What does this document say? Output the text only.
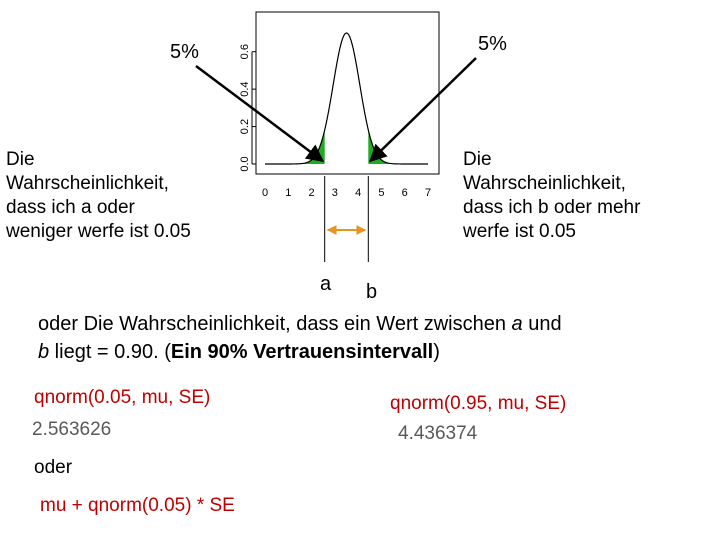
5%	5%
Die
Wahrscheinlichkeit,
dass ich a oder
weniger werfe ist 0.05
Die
Wahrscheinlichkeit,
dass ich b oder mehr
werfe ist 0.05
a b
0.0
0.2
0.4
0.6
0 1 2 3 4 5 6 7
oder Die Wahrscheinlichkeit, dass ein Wert zwischen a und
b liegt = 0.90. (Ein 90% Vertrauensintervall)
qnorm(0.05, mu, SE)
2.563626
oder
mu + qnorm(0.05) * SE
qnorm(0.95, mu, SE)
4.436374
